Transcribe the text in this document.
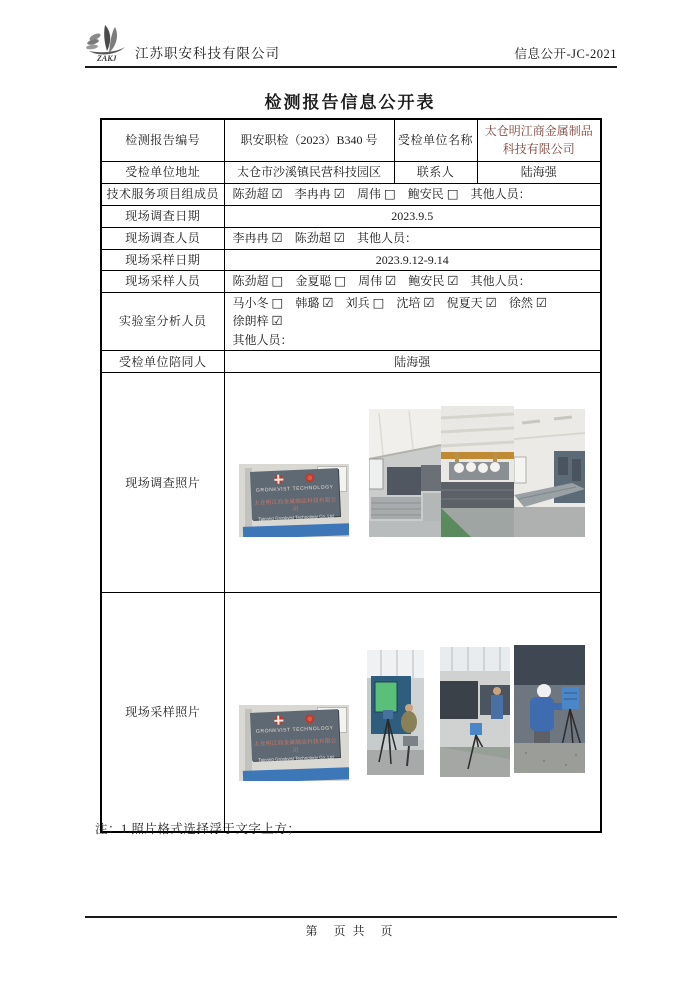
ZAKJ 江苏职安科技有限公司	信息公开-JC-2021
检测报告信息公开表
检测报告编号	职安职检（2023）B340 号	受检单位名称	太仓明江商金属制品科技有限公司
受检单位地址	太仓市沙溪镇民营科技园区	联系人	陆海强
技术服务项目组成员	陈劲超 ☑ 李冉冉 ☑ 周伟 □ 鲍安民 □ 其他人员：		
现场调查日期	2023.9.5		
现场调查人员	李冉冉 ☑ 陈劲超 ☑ 其他人员：		
现场采样日期	2023.9.12-9.14		
现场采样人员	陈劲超 □ 金夏聪 □ 周伟 ☑ 鲍安民 ☑ 其他人员：		
实验室分析人员	马小冬 □ 韩璐 ☑ 刘兵 □ 沈培 ☑ 倪夏天 ☑ 徐然 ☑ 徐朗梓 ☑
其他人员：		
受检单位陪同人	陆海强		
现场调查照片	GRONKVIST TECHNOLOGY
太仓明江商金属制品科技有限公司
Taicang Gronkvist Technology Co.,Ltd		

现场采样照片	GRONKVIST TECHNOLOGY
太仓明江商金属制品科技有限公司
Taicang Gronkvist Technology Co.,Ltd		
注：1.照片格式选择浮于文字上方；
第　页 共　页
